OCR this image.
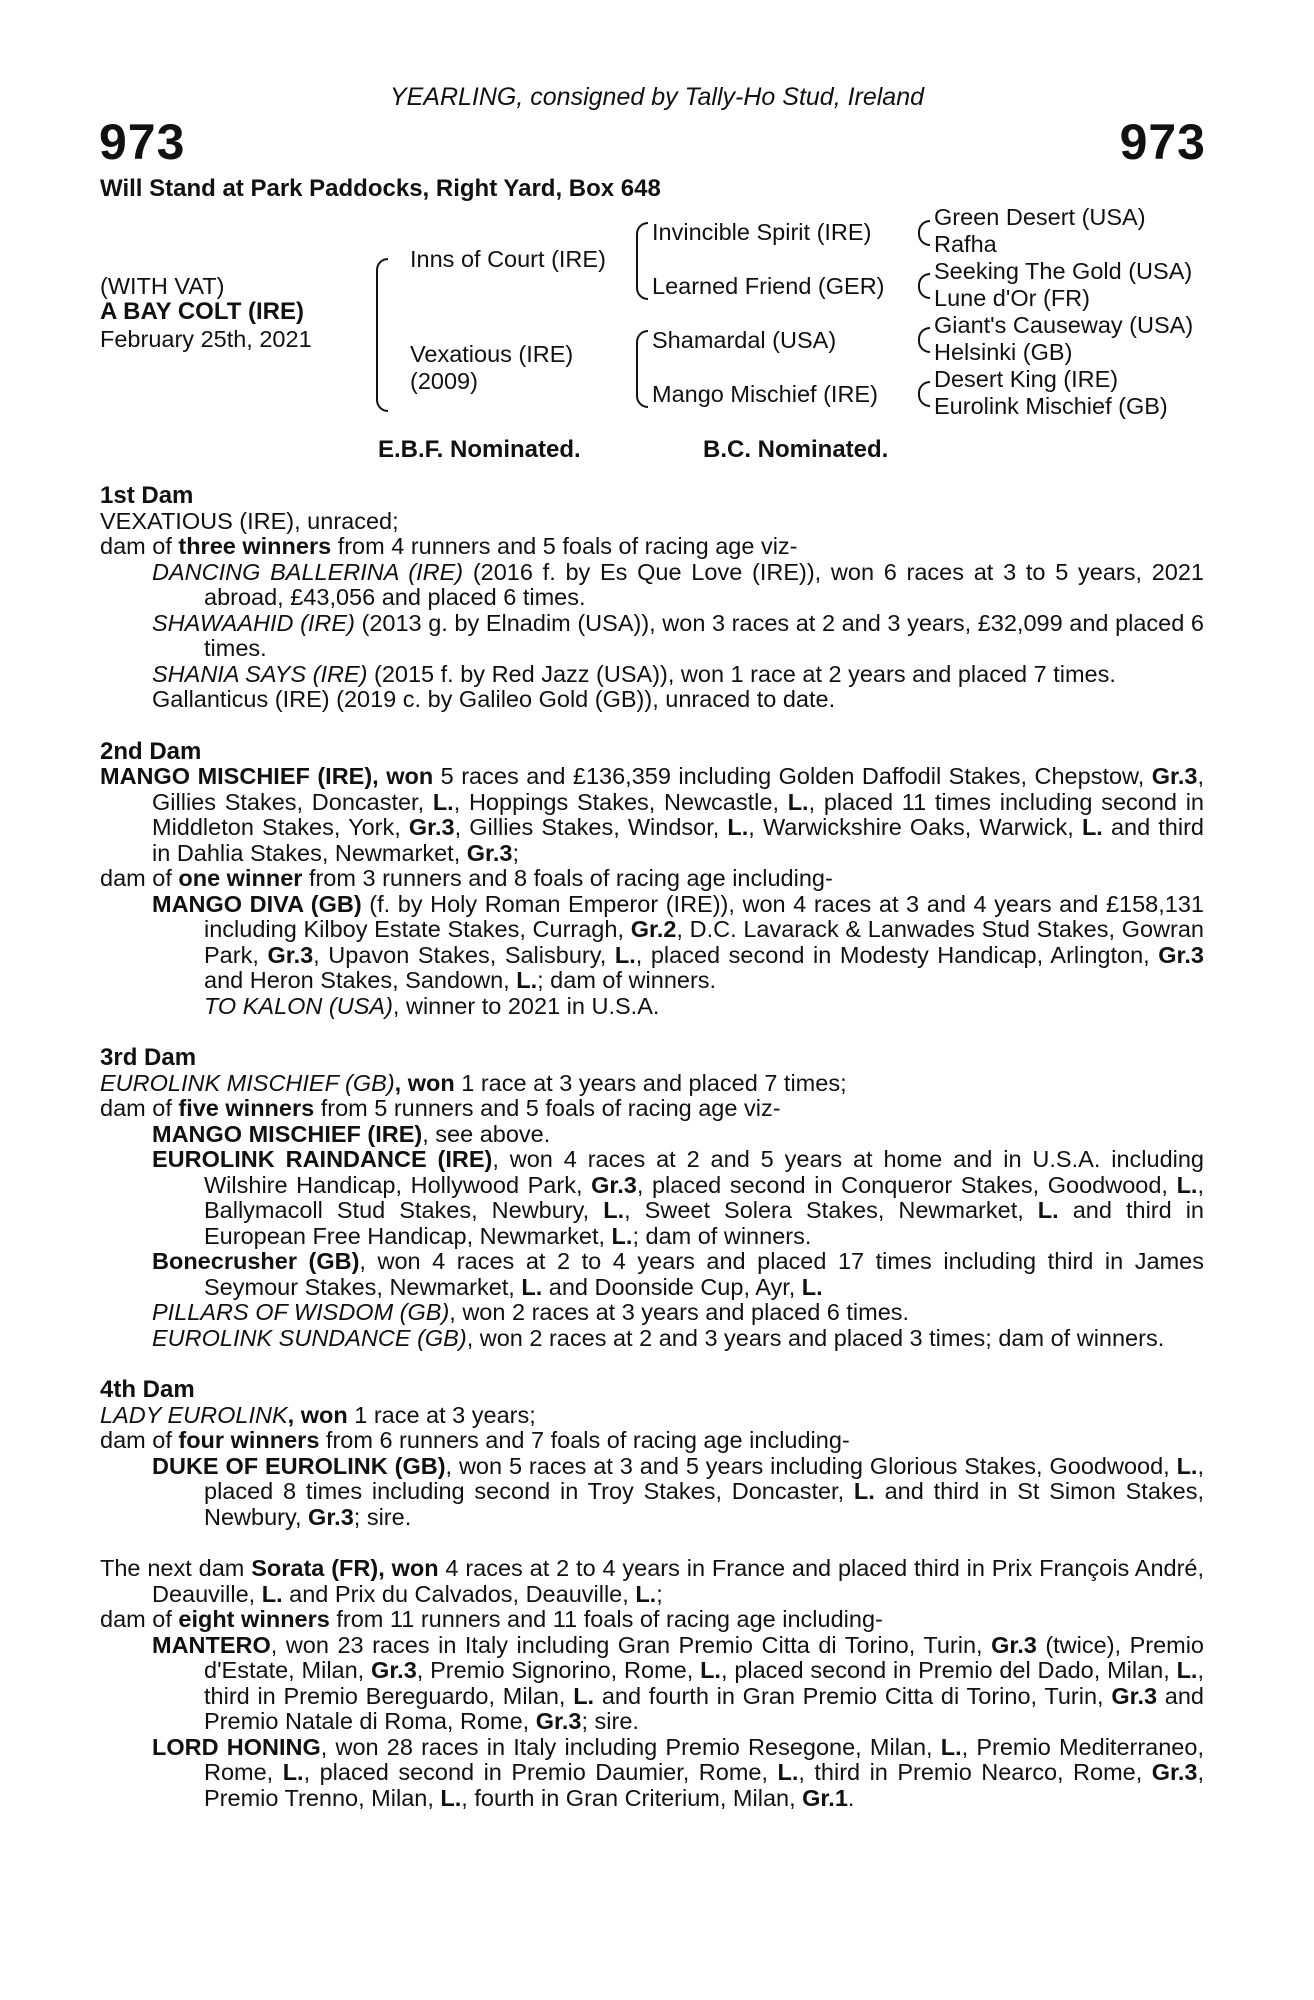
YEARLING, consigned by Tally-Ho Stud, Ireland
973	973
Will Stand at Park Paddocks, Right Yard, Box 648
(WITH VAT)
A BAY COLT (IRE)
February 25th, 2021
Inns of Court (IRE)
Vexatious (IRE)
(2009)
Invincible Spirit (IRE)
Learned Friend (GER)
Shamardal (USA)
Mango Mischief (IRE)
Green Desert (USA)
Rafha
Seeking The Gold (USA)
Lune d'Or (FR)
Giant's Causeway (USA)
Helsinki (GB)
Desert King (IRE)
Eurolink Mischief (GB)
E.B.F. Nominated.	B.C. Nominated.
1st Dam
VEXATIOUS (IRE), unraced;
dam of three winners from 4 runners and 5 foals of racing age viz-
DANCING BALLERINA (IRE) (2016 f. by Es Que Love (IRE)), won 6 races at 3 to 5 years, 2021 abroad, £43,056 and placed 6 times.
SHAWAAHID (IRE) (2013 g. by Elnadim (USA)), won 3 races at 2 and 3 years, £32,099 and placed 6 times.
SHANIA SAYS (IRE) (2015 f. by Red Jazz (USA)), won 1 race at 2 years and placed 7 times.
Gallanticus (IRE) (2019 c. by Galileo Gold (GB)), unraced to date.
2nd Dam
MANGO MISCHIEF (IRE), won 5 races and £136,359 including Golden Daffodil Stakes, Chepstow, Gr.3, Gillies Stakes, Doncaster, L., Hoppings Stakes, Newcastle, L., placed 11 times including second in Middleton Stakes, York, Gr.3, Gillies Stakes, Windsor, L., Warwickshire Oaks, Warwick, L. and third in Dahlia Stakes, Newmarket, Gr.3;
dam of one winner from 3 runners and 8 foals of racing age including-
MANGO DIVA (GB) (f. by Holy Roman Emperor (IRE)), won 4 races at 3 and 4 years and £158,131 including Kilboy Estate Stakes, Curragh, Gr.2, D.C. Lavarack & Lanwades Stud Stakes, Gowran Park, Gr.3, Upavon Stakes, Salisbury, L., placed second in Modesty Handicap, Arlington, Gr.3 and Heron Stakes, Sandown, L.; dam of winners.
TO KALON (USA), winner to 2021 in U.S.A.
3rd Dam
EUROLINK MISCHIEF (GB), won 1 race at 3 years and placed 7 times;
dam of five winners from 5 runners and 5 foals of racing age viz-
MANGO MISCHIEF (IRE), see above.
EUROLINK RAINDANCE (IRE), won 4 races at 2 and 5 years at home and in U.S.A. including Wilshire Handicap, Hollywood Park, Gr.3, placed second in Conqueror Stakes, Goodwood, L., Ballymacoll Stud Stakes, Newbury, L., Sweet Solera Stakes, Newmarket, L. and third in European Free Handicap, Newmarket, L.; dam of winners.
Bonecrusher (GB), won 4 races at 2 to 4 years and placed 17 times including third in James Seymour Stakes, Newmarket, L. and Doonside Cup, Ayr, L.
PILLARS OF WISDOM (GB), won 2 races at 3 years and placed 6 times.
EUROLINK SUNDANCE (GB), won 2 races at 2 and 3 years and placed 3 times; dam of winners.
4th Dam
LADY EUROLINK, won 1 race at 3 years;
dam of four winners from 6 runners and 7 foals of racing age including-
DUKE OF EUROLINK (GB), won 5 races at 3 and 5 years including Glorious Stakes, Goodwood, L., placed 8 times including second in Troy Stakes, Doncaster, L. and third in St Simon Stakes, Newbury, Gr.3; sire.
The next dam Sorata (FR), won 4 races at 2 to 4 years in France and placed third in Prix François André, Deauville, L. and Prix du Calvados, Deauville, L.;
dam of eight winners from 11 runners and 11 foals of racing age including-
MANTERO, won 23 races in Italy including Gran Premio Citta di Torino, Turin, Gr.3 (twice), Premio d'Estate, Milan, Gr.3, Premio Signorino, Rome, L., placed second in Premio del Dado, Milan, L., third in Premio Bereguardo, Milan, L. and fourth in Gran Premio Citta di Torino, Turin, Gr.3 and Premio Natale di Roma, Rome, Gr.3; sire.
LORD HONING, won 28 races in Italy including Premio Resegone, Milan, L., Premio Mediterraneo, Rome, L., placed second in Premio Daumier, Rome, L., third in Premio Nearco, Rome, Gr.3, Premio Trenno, Milan, L., fourth in Gran Criterium, Milan, Gr.1.
